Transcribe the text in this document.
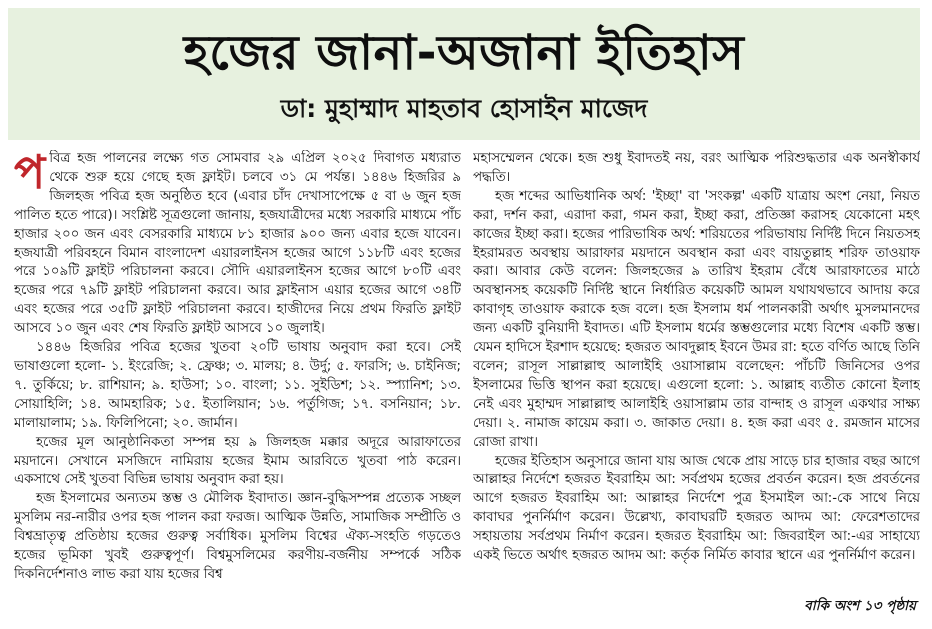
হজের জানা-অজানা ইতিহাস
ডা: মুহাম্মাদ মাহতাব হোসাইন মাজেদ

পবিত্র হজ পালনের লক্ষ্যে গত সোমবার ২৯ এপ্রিল ২০২৫ দিবাগত মধ্যরাত থেকে শুরু হয়ে গেছে হজ ফ্লাইট। চলবে ৩১ মে পর্যন্ত। ১৪৪৬ হিজরির ৯ জিলহজ পবিত্র হজ অনুষ্ঠিত হবে (এবার চাঁদ দেখাসাপেক্ষে ৫ বা ৬ জুন হজ পালিত হতে পারে)। সংশ্লিষ্ট সূত্রগুলো জানায়, হজযাত্রীদের মধ্যে সরকারি মাধ্যমে পাঁচ হাজার ২০০ জন এবং বেসরকারি মাধ্যমে ৮১ হাজার ৯০০ জন্য এবার হজে যাবেন। হজযাত্রী পরিবহনে বিমান বাংলাদেশ এয়ারলাইনস হজের আগে ১১৮টি এবং হজের পরে ১০৯টি ফ্লাইট পরিচালনা করবে। সৌদি এয়ারলাইনস হজের আগে ৮০টি এবং হজের পরে ৭৯টি ফ্লাইট পরিচালনা করবে। আর ফ্লাইনাস এয়ার হজের আগে ৩৪টি এবং হজের পরে ৩৫টি ফ্লাইট পরিচালনা করবে। হাজীদের নিয়ে প্রথম ফিরতি ফ্লাইট আসবে ১০ জুন এবং শেষ ফিরতি ফ্লাইট আসবে ১০ জুলাই।

১৪৪৬ হিজরির পবিত্র হজের খুতবা ২০টি ভাষায় অনুবাদ করা হবে। সেই ভাষাগুলো হলো- ১. ইংরেজি; ২. ফ্রেঞ্চ; ৩. মালয়; ৪. উর্দু; ৫. ফারসি; ৬. চাইনিজ; ৭. তুর্কিয়ে; ৮. রাশিয়ান; ৯. হাউসা; ১০. বাংলা; ১১. সুইডিশ; ১২. স্প্যানিশ; ১৩. সোয়াহিলি; ১৪. আমহারিক; ১৫. ইতালিয়ান; ১৬. পর্তুগিজ; ১৭. বসনিয়ান; ১৮. মালায়ালাম; ১৯. ফিলিপিনো; ২০. জার্মান।

হজের মূল আনুষ্ঠানিকতা সম্পন্ন হয় ৯ জিলহজ মক্কার অদূরে আরাফাতের ময়দানে। সেখানে মসজিদে নামিরায় হজের ইমাম আরবিতে খুতবা পাঠ করেন। একসাথে সেই খুতবা বিভিন্ন ভাষায় অনুবাদ করা হয়।

হজ ইসলামের অন্যতম স্তম্ভ ও মৌলিক ইবাদাত। জ্ঞান-বুদ্ধিসম্পন্ন প্রত্যেক সচ্ছল মুসলিম নর-নারীর ওপর হজ পালন করা ফরজ। আত্মিক উন্নতি, সামাজিক সম্প্রীতি ও বিশ্বভ্রাতৃত্ব প্রতিষ্ঠায় হজের গুরুত্ব সর্বাধিক। মুসলিম বিশ্বের ঐক্য-সংহতি গড়তেও হজের ভূমিকা খুবই গুরুত্বপূর্ণ। বিশ্বমুসলিমের করণীয়-বর্জনীয় সম্পর্কে সঠিক দিকনির্দেশনাও লাভ করা যায় হজের বিশ্ব

মহাসম্মেলন থেকে। হজ শুধু ইবাদতই নয়, বরং আত্মিক পরিশুদ্ধতার এক অনস্বীকার্য পদ্ধতি।

হজ শব্দের আভিধানিক অর্থ: 'ইচ্ছা' বা 'সংকল্প' একটি যাত্রায় অংশ নেয়া, নিয়ত করা, দর্শন করা, এরাদা করা, গমন করা, ইচ্ছা করা, প্রতিজ্ঞা করাসহ যেকোনো মহৎ কাজের ইচ্ছা করা। হজের পারিভাষিক অর্থ: শরিয়তের পরিভাষায় নির্দিষ্ট দিনে নিয়তসহ ইহরামরত অবস্থায় আরাফার ময়দানে অবস্থান করা এবং বায়তুল্লাহ শরিফ তাওয়াফ করা। আবার কেউ বলেন: জিলহজের ৯ তারিখ ইহরাম বেঁধে আরাফাতের মাঠে অবস্থানসহ কয়েকটি নির্দিষ্ট স্থানে নির্ধারিত কয়েকটি আমল যথাযথভাবে আদায় করে কাবাগৃহ তাওয়াফ করাকে হজ বলে। হজ ইসলাম ধর্ম পালনকারী অর্থাৎ মুসলমানদের জন্য একটি বুনিয়াদী ইবাদত। এটি ইসলাম ধর্মের স্তম্ভগুলোর মধ্যে বিশেষ একটি স্তম্ভ। যেমন হাদিসে ইরশাদ হয়েছে: হজরত আবদুল্লাহ ইবনে উমর রা: হতে বর্ণিত আছে তিনি বলেন; রাসূল সাল্লাল্লাহু আলাইহি ওয়াসাল্লাম বলেছেন: পাঁচটি জিনিসের ওপর ইসলামের ভিত্তি স্থাপন করা হয়েছে। এগুলো হলো: ১. আল্লাহ ব্যতীত কোনো ইলাহ নেই এবং মুহাম্মদ সাল্লাল্লাহু আলাইহি ওয়াসাল্লাম তার বান্দাহ ও রাসূল একথার সাক্ষ্য দেয়া। ২. নামাজ কায়েম করা। ৩. জাকাত দেয়া। ৪. হজ করা এবং ৫. রমজান মাসের রোজা রাখা।

হজের ইতিহাস অনুসারে জানা যায় আজ থেকে প্রায় সাড়ে চার হাজার বছর আগে আল্লাহর নির্দেশে হজরত ইবরাহিম আ: সর্বপ্রথম হজের প্রবর্তন করেন। হজ প্রবর্তনের আগে হজরত ইবরাহিম আ: আল্লাহর নির্দেশে পুত্র ইসমাইল আ:-কে সাথে নিয়ে কাবাঘর পুনর্নির্মাণ করেন। উল্লেখ্য, কাবাঘরটি হজরত আদম আ: ফেরেশতাদের সহায়তায় সর্বপ্রথম নির্মাণ করেন। হজরত ইবরাহিম আ: জিবরাইল আ:-এর সাহায্যে একই ভিতে অর্থাৎ হজরত আদম আ: কর্তৃক নির্মিত কাবার স্থানে এর পুনর্নির্মাণ করেন।

বাকি অংশ ১৩ পৃষ্ঠায়
